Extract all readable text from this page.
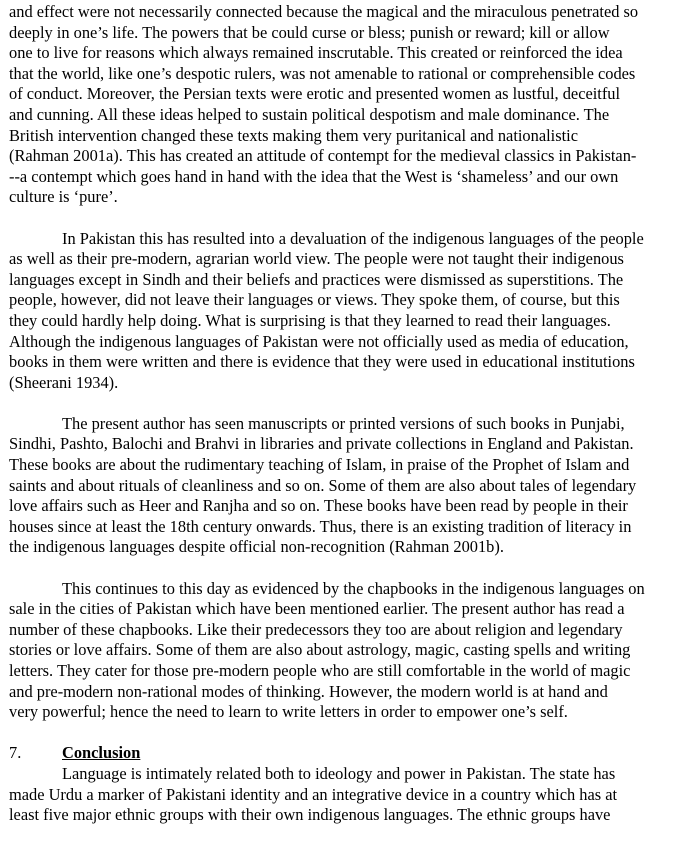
and effect were not necessarily connected because the magical and the miraculous penetrated so
deeply in one’s life. The powers that be could curse or bless; punish or reward; kill or allow
one to live for reasons which always remained inscrutable. This created or reinforced the idea
that the world, like one’s despotic rulers, was not amenable to rational or comprehensible codes
of conduct. Moreover, the Persian texts were erotic and presented women as lustful, deceitful
and cunning. All these ideas helped to sustain political despotism and male dominance. The
British intervention changed these texts making them very puritanical and nationalistic
(Rahman 2001a). This has created an attitude of contempt for the medieval classics in Pakistan-
--a contempt which goes hand in hand with the idea that the West is ‘shameless’ and our own
culture is ‘pure’.
In Pakistan this has resulted into a devaluation of the indigenous languages of the people
as well as their pre-modern, agrarian world view. The people were not taught their indigenous
languages except in Sindh and their beliefs and practices were dismissed as superstitions. The
people, however, did not leave their languages or views. They spoke them, of course, but this
they could hardly help doing. What is surprising is that they learned to read their languages.
Although the indigenous languages of Pakistan were not officially used as media of education,
books in them were written and there is evidence that they were used in educational institutions
(Sheerani 1934).
The present author has seen manuscripts or printed versions of such books in Punjabi,
Sindhi, Pashto, Balochi and Brahvi in libraries and private collections in England and Pakistan.
These books are about the rudimentary teaching of Islam, in praise of the Prophet of Islam and
saints and about rituals of cleanliness and so on. Some of them are also about tales of legendary
love affairs such as Heer and Ranjha and so on. These books have been read by people in their
houses since at least the 18th century onwards. Thus, there is an existing tradition of literacy in
the indigenous languages despite official non-recognition (Rahman 2001b).
This continues to this day as evidenced by the chapbooks in the indigenous languages on
sale in the cities of Pakistan which have been mentioned earlier. The present author has read a
number of these chapbooks. Like their predecessors they too are about religion and legendary
stories or love affairs. Some of them are also about astrology, magic, casting spells and writing
letters. They cater for those pre-modern people who are still comfortable in the world of magic
and pre-modern non-rational modes of thinking. However, the modern world is at hand and
very powerful; hence the need to learn to write letters in order to empower one’s self.
7.	Conclusion
Language is intimately related both to ideology and power in Pakistan. The state has
made Urdu a marker of Pakistani identity and an integrative device in a country which has at
least five major ethnic groups with their own indigenous languages. The ethnic groups have
